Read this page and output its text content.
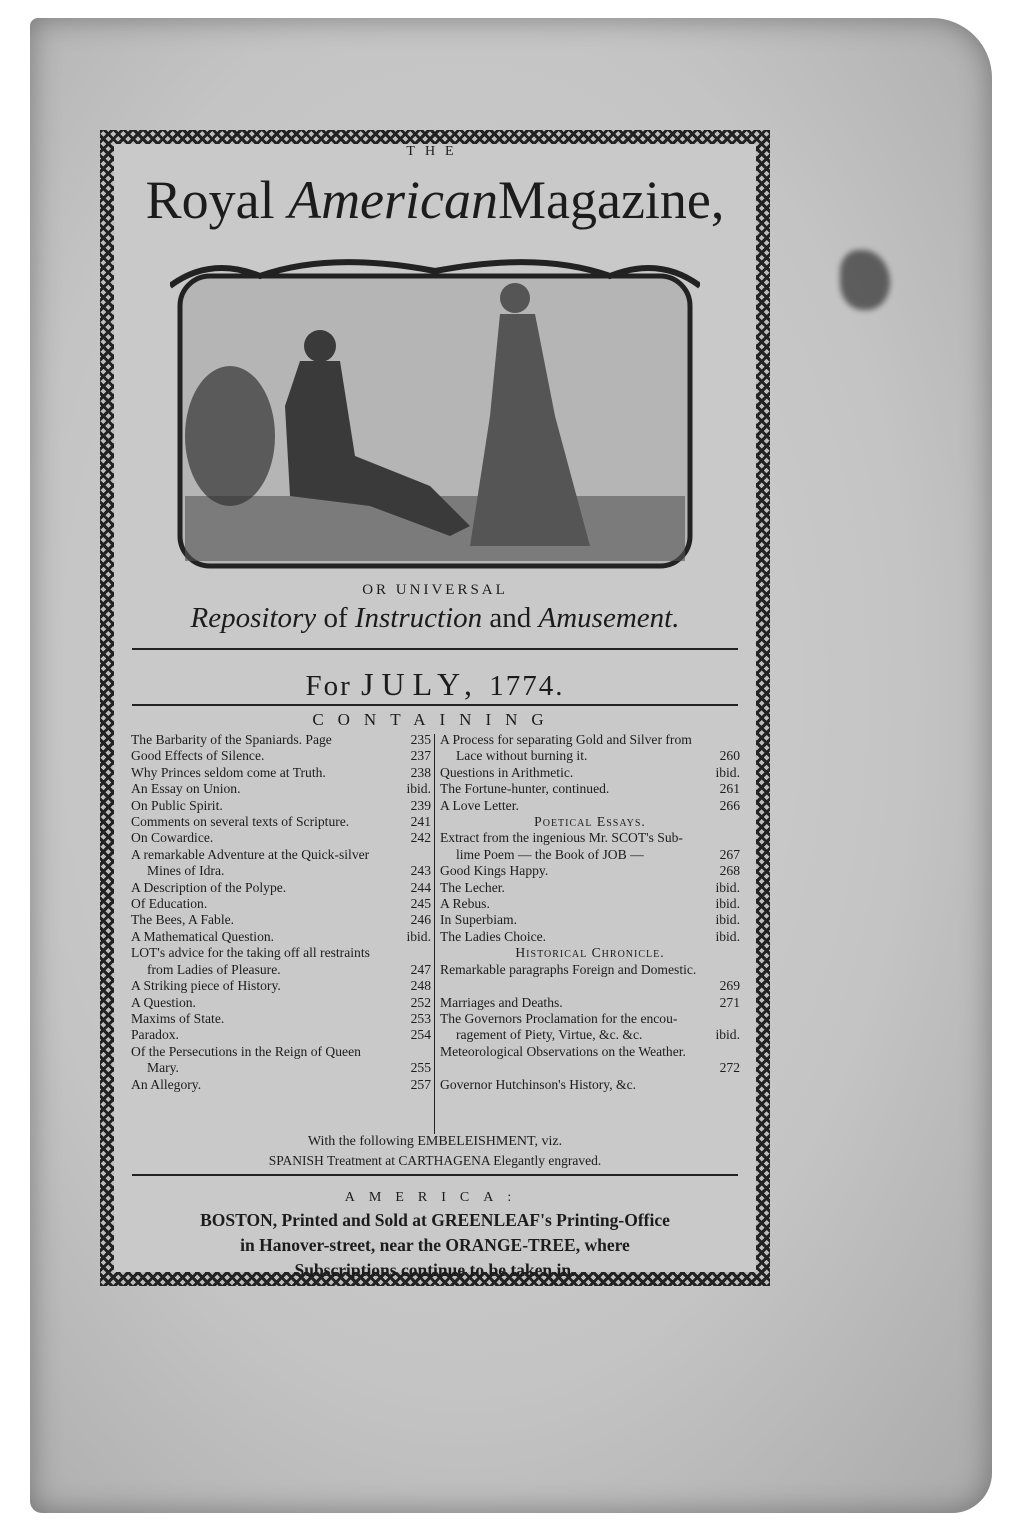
THE
Royal AmericanMagazine,
OR UNIVERSAL
Repository of Instruction and Amusement.
For JULY, 1774.
CONTAINING
The Barbarity of the Spaniards. Page	235
Good Effects of Silence.	237
Why Princes seldom come at Truth.	238
An Essay on Union.	ibid.
On Public Spirit.	239
Comments on several texts of Scripture.	241
On Cowardice.	242
A remarkable Adventure at the Quick-silver
Mines of Idra.	243
A Description of the Polype.	244
Of Education.	245
The Bees, A Fable.	246
A Mathematical Question.	ibid.
LOT's advice for the taking off all restraints
from Ladies of Pleasure.	247
A Striking piece of History.	248
A Question.	252
Maxims of State.	253
Paradox.	254
Of the Persecutions in the Reign of Queen
Mary.	255
An Allegory.	257
A Process for separating Gold and Silver from
Lace without burning it.	260
Questions in Arithmetic.	ibid.
The Fortune-hunter, continued.	261
A Love Letter.	266
Poetical Essays.
Extract from the ingenious Mr. SCOT's Sub-
lime Poem — the Book of JOB —	267
Good Kings Happy.	268
The Lecher.	ibid.
A Rebus.	ibid.
In Superbiam.	ibid.
The Ladies Choice.	ibid.
Historical Chronicle.
Remarkable paragraphs Foreign and Domestic.
269
Marriages and Deaths.	271
The Governors Proclamation for the encou-
ragement of Piety, Virtue, &c. &c.	ibid.
Meteorological Observations on the Weather.
272
Governor Hutchinson's History, &c.
With the following EMBELEISHMENT, viz.
SPANISH Treatment at CARTHAGENA Elegantly engraved.
AMERICA:
BOSTON, Printed and Sold at GREENLEAF's Printing-Office
in Hanover-street, near the ORANGE-TREE, where
Subscriptions continue to be taken in.
